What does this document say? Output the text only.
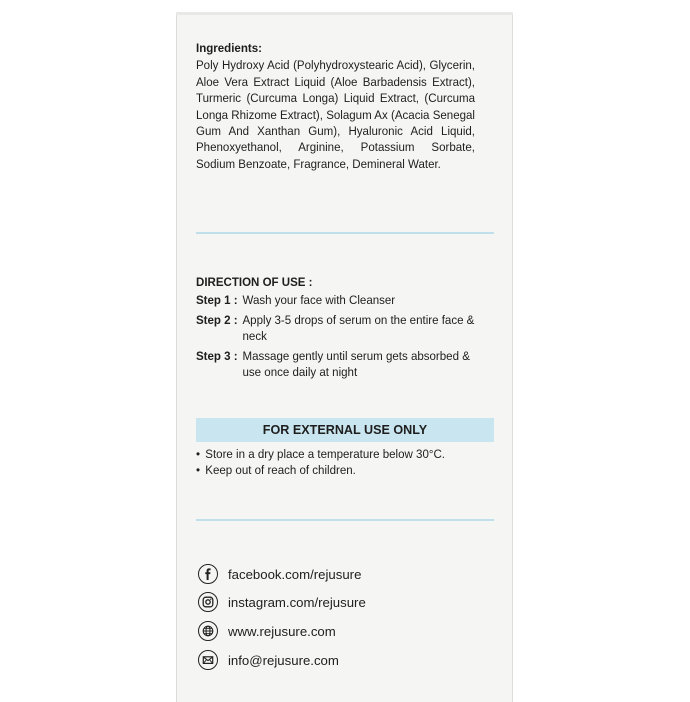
Ingredients:

Poly Hydroxy Acid (Polyhydroxystearic Acid), Glycerin, Aloe Vera Extract Liquid (Aloe Barbadensis Extract), Turmeric (Curcuma Longa) Liquid Extract, (Curcuma Longa Rhizome Extract), Solagum Ax (Acacia Senegal Gum And Xanthan Gum), Hyaluronic Acid Liquid, Phenoxyethanol, Arginine, Potassium Sorbate, Sodium Benzoate, Fragrance, Demineral Water.

DIRECTION OF USE :
Step 1 : Wash your face with Cleanser
Step 2 : Apply 3-5 drops of serum on the entire face & neck
Step 3 : Massage gently until serum gets absorbed & use once daily at night
FOR EXTERNAL USE ONLY
• Store in a dry place a temperature below 30°C.
• Keep out of reach of children.
facebook.com/rejusure
instagram.com/rejusure
www.rejusure.com
info@rejusure.com
